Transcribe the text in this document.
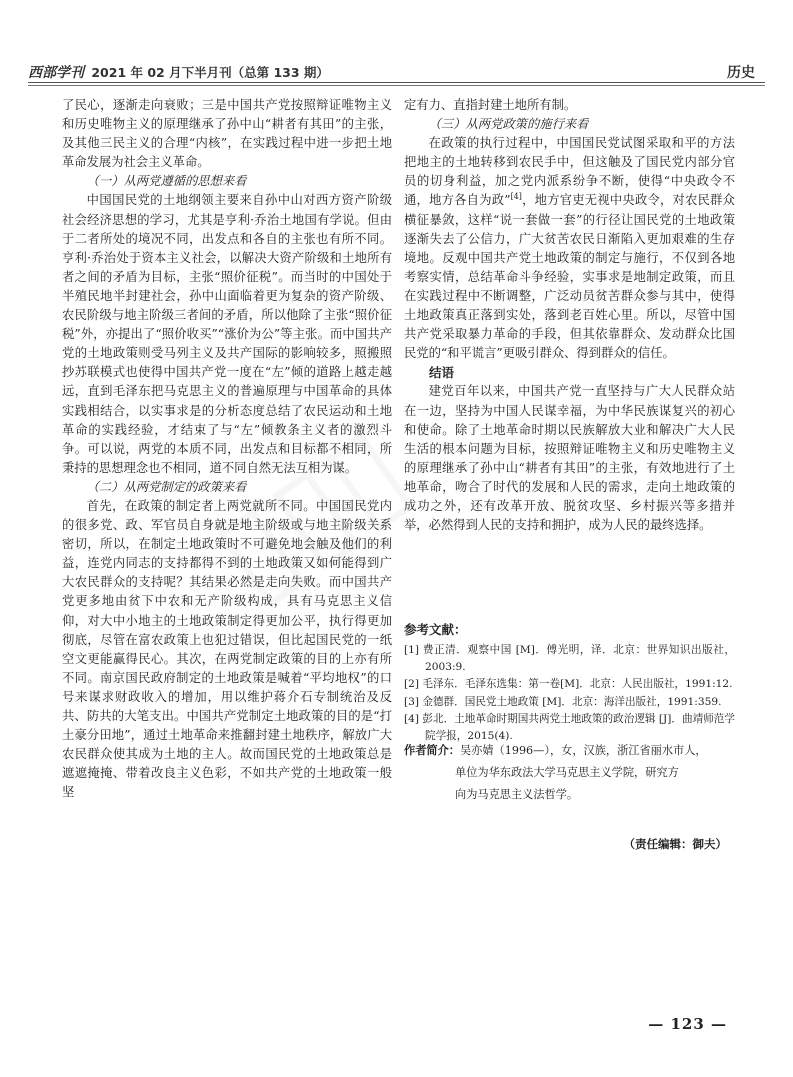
西部学刊 2021 年 02 月下半月刊（总第 133 期）	历史

了民心，逐渐走向衰败；三是中国共产党按照辩证唯物主义和历史唯物主义的原理继承了孙中山“耕者有其田”的主张，及其他三民主义的合理“内核”，在实践过程中进一步把土地革命发展为社会主义革命。

（一）从两党遵循的思想来看

中国国民党的土地纲领主要来自孙中山对西方资产阶级社会经济思想的学习，尤其是亨利·乔治土地国有学说。但由于二者所处的境况不同，出发点和各自的主张也有所不同。亨利·乔治处于资本主义社会，以解决大资产阶级和土地所有者之间的矛盾为目标，主张“照价征税”。而当时的中国处于半殖民地半封建社会，孙中山面临着更为复杂的资产阶级、农民阶级与地主阶级三者间的矛盾，所以他除了主张“照价征税”外，亦提出了“照价收买”“涨价为公”等主张。而中国共产党的土地政策则受马列主义及共产国际的影响较多，照搬照抄苏联模式也使得中国共产党一度在“左”倾的道路上越走越远，直到毛泽东把马克思主义的普遍原理与中国革命的具体实践相结合，以实事求是的分析态度总结了农民运动和土地革命的实践经验，才结束了与“左”倾教条主义者的激烈斗争。可以说，两党的本质不同，出发点和目标都不相同，所秉持的思想理念也不相同，道不同自然无法互相为谋。

（二）从两党制定的政策来看

首先，在政策的制定者上两党就所不同。中国国民党内的很多党、政、军官员自身就是地主阶级或与地主阶级关系密切，所以，在制定土地政策时不可避免地会触及他们的利益，连党内同志的支持都得不到的土地政策又如何能得到广大农民群众的支持呢？其结果必然是走向失败。而中国共产党更多地由贫下中农和无产阶级构成，具有马克思主义信仰，对大中小地主的土地政策制定得更加公平，执行得更加彻底，尽管在富农政策上也犯过错误，但比起国民党的一纸空文更能赢得民心。其次，在两党制定政策的目的上亦有所不同。南京国民政府制定的土地政策是喊着“平均地权”的口号来谋求财政收入的增加，用以维护蒋介石专制统治及反共、防共的大笔支出。中国共产党制定土地政策的目的是“打土豪分田地”，通过土地革命来推翻封建土地秩序，解放广大农民群众使其成为土地的主人。故而国民党的土地政策总是遮遮掩掩、带着改良主义色彩，不如共产党的土地政策一般坚

定有力、直指封建土地所有制。

（三）从两党政策的施行来看

在政策的执行过程中，中国国民党试图采取和平的方法把地主的土地转移到农民手中，但这触及了国民党内部分官员的切身利益，加之党内派系纷争不断，使得“中央政令不通，地方各自为政”[4]，地方官吏无视中央政令，对农民群众横征暴敛，这样“说一套做一套”的行径让国民党的土地政策逐渐失去了公信力，广大贫苦农民日渐陷入更加艰难的生存境地。反观中国共产党土地政策的制定与施行，不仅到各地考察实情，总结革命斗争经验，实事求是地制定政策，而且在实践过程中不断调整，广泛动员贫苦群众参与其中，使得土地政策真正落到实处，落到老百姓心里。所以，尽管中国共产党采取暴力革命的手段，但其依靠群众、发动群众比国民党的“和平谎言”更吸引群众、得到群众的信任。

结语

建党百年以来，中国共产党一直坚持与广大人民群众站在一边，坚持为中国人民谋幸福，为中华民族谋复兴的初心和使命。除了土地革命时期以民族解放大业和解决广大人民生活的根本问题为目标，按照辩证唯物主义和历史唯物主义的原理继承了孙中山“耕者有其田”的主张，有效地进行了土地革命，吻合了时代的发展和人民的需求，走向土地政策的成功之外，还有改革开放、脱贫攻坚、乡村振兴等多措并举，必然得到人民的支持和拥护，成为人民的最终选择。

参考文献：
[1] 费正清．观察中国 [M]．傅光明，译．北京：世界知识出版社，2003:9.
[2] 毛泽东．毛泽东选集：第一卷[M]．北京：人民出版社，1991:12.
[3] 金德群．国民党土地政策 [M]．北京：海洋出版社，1991:359.
[4] 彭北．土地革命时期国共两党土地政策的政治逻辑 [J]．曲靖师范学院学报，2015(4).
作者简介：吴亦婧（1996—），女，汉族，浙江省丽水市人，
单位为华东政法大学马克思主义学院，研究方
向为马克思主义法哲学。
（责任编辑：御夫）
— 123 —
